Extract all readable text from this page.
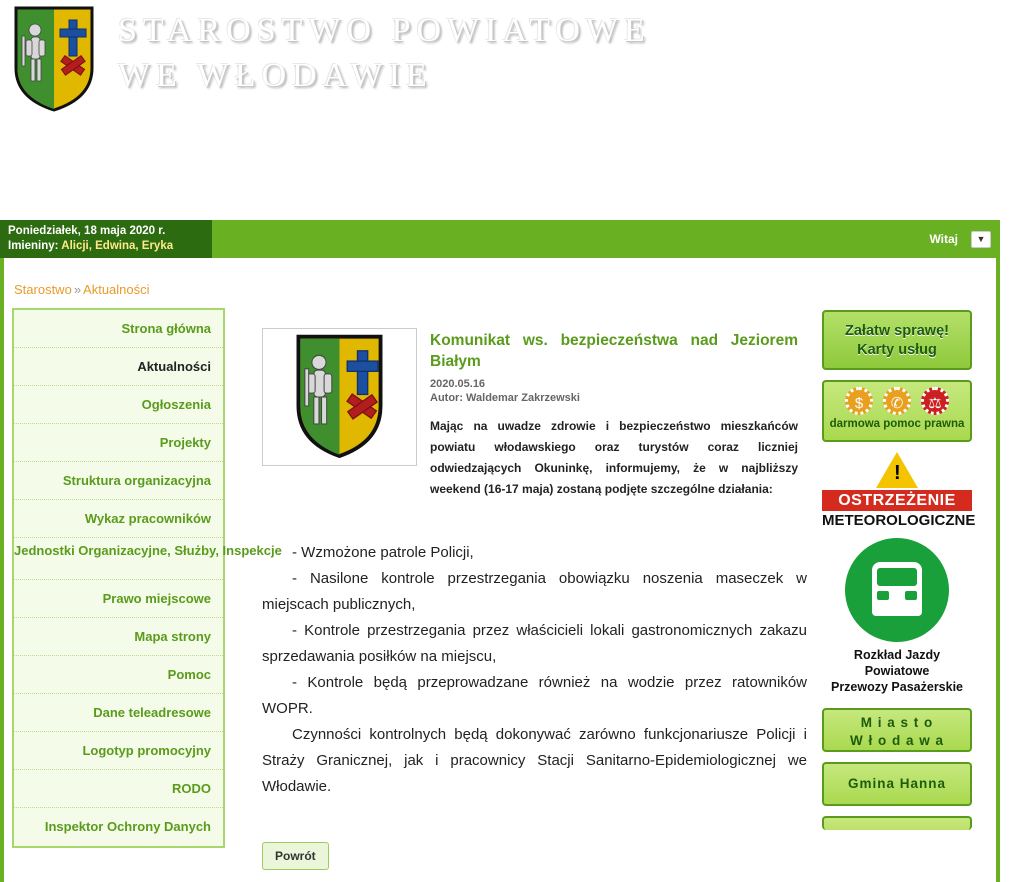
STAROSTWO POWIATOWE
WE WŁODAWIE
Poniedziałek, 18 maja 2020 r.
Imieniny: Alicji, Edwina, Eryka	Witaj	▼
Starostwo » Aktualności
Strona główna
Aktualności
Ogłoszenia
Projekty
Struktura organizacyjna
Wykaz pracowników
Jednostki Organizacyjne, Służby, Inspekcje
Prawo miejscowe
Mapa strony
Pomoc
Dane teleadresowe
Logotyp promocyjny
RODO
Inspektor Ochrony Danych
Komunikat ws. bezpieczeństwa nad Jeziorem Białym
2020.05.16
Autor: Waldemar Zakrzewski
Mając na uwadze zdrowie i bezpieczeństwo mieszkańców powiatu włodawskiego oraz turystów coraz liczniej odwiedzających Okuninkę, informujemy, że w najbliższy weekend (16-17 maja) zostaną podjęte szczególne działania:

- Wzmożone patrole Policji,

- Nasilone kontrole przestrzegania obowiązku noszenia maseczek w miejscach publicznych,

- Kontrole przestrzegania przez właścicieli lokali gastronomicznych zakazu sprzedawania posiłków na miejscu,

- Kontrole będą przeprowadzane również na wodzie przez ratowników WOPR.

Czynności kontrolnych będą dokonywać zarówno funkcjonariusze Policji i Straży Granicznej, jak i pracownicy Stacji Sanitarno-Epidemiologicznej we Włodawie.

Powrót
Załatw sprawę!
Karty usług
$ ✆ ⚖
darmowa pomoc prawna
!
OSTRZEŻENIE
METEOROLOGICZNE
Rozkład Jazdy
Powiatowe
Przewozy Pasażerskie
M i a s t o
W ł o d a w a
Gmina Hanna
